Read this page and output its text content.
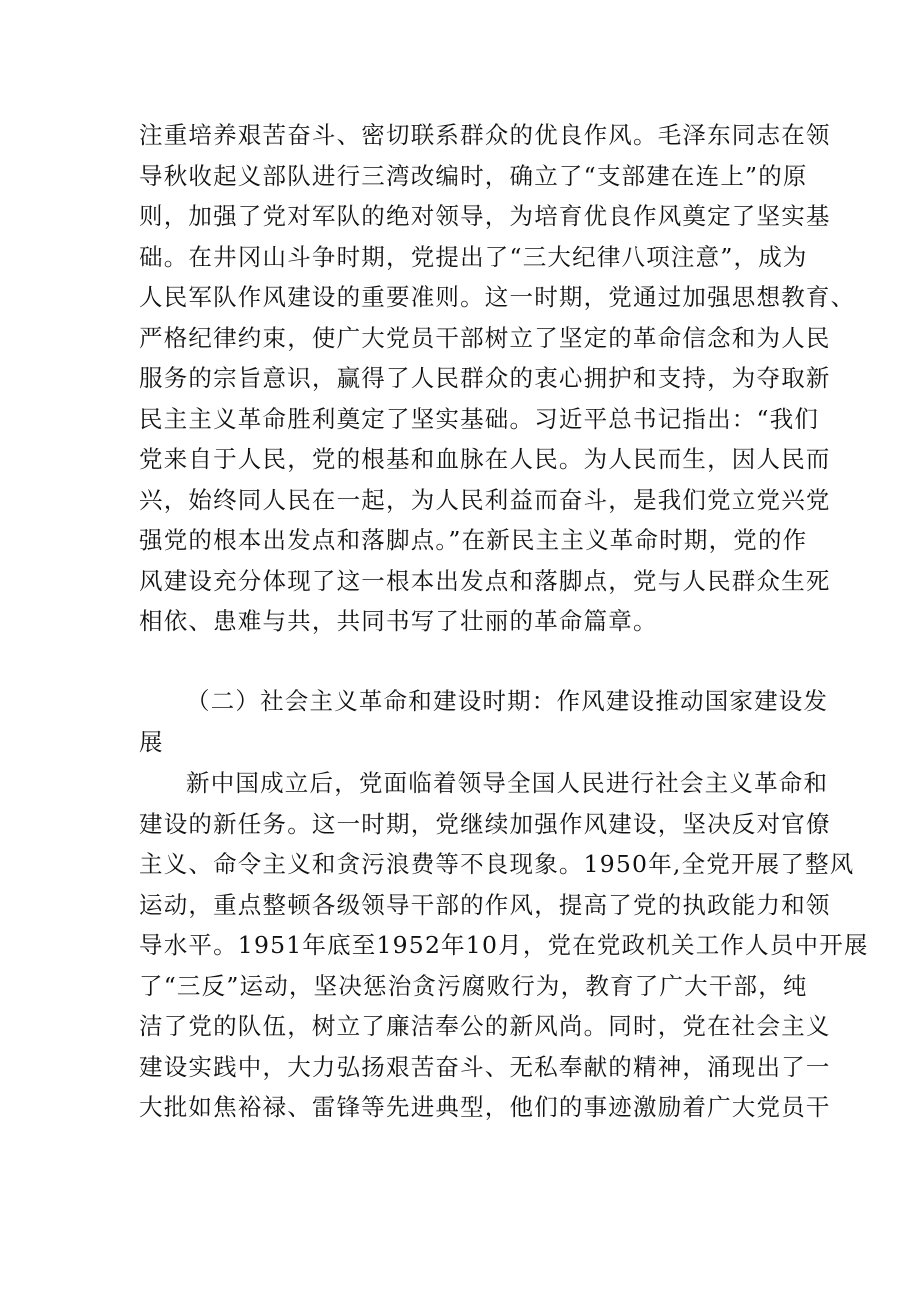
注重培养艰苦奋斗、密切联系群众的优良作风。毛泽东同志在领
导秋收起义部队进行三湾改编时，确立了“支部建在连上”的原
则，加强了党对军队的绝对领导，为培育优良作风奠定了坚实基
础。在井冈山斗争时期，党提出了“三大纪律八项注意”，成为
人民军队作风建设的重要准则。这一时期，党通过加强思想教育、
严格纪律约束，使广大党员干部树立了坚定的革命信念和为人民
服务的宗旨意识，赢得了人民群众的衷心拥护和支持，为夺取新
民主主义革命胜利奠定了坚实基础。习近平总书记指出：“我们
党来自于人民，党的根基和血脉在人民。为人民而生，因人民而
兴，始终同人民在一起，为人民利益而奋斗，是我们党立党兴党
强党的根本出发点和落脚点。”在新民主主义革命时期，党的作
风建设充分体现了这一根本出发点和落脚点，党与人民群众生死
相依、患难与共，共同书写了壮丽的革命篇章。
（二）社会主义革命和建设时期：作风建设推动国家建设发
展
新中国成立后，党面临着领导全国人民进行社会主义革命和
建设的新任务。这一时期，党继续加强作风建设，坚决反对官僚
主义、命令主义和贪污浪费等不良现象。1950年,全党开展了整风
运动，重点整顿各级领导干部的作风，提高了党的执政能力和领
导水平。1951年底至1952年10月，党在党政机关工作人员中开展
了“三反”运动，坚决惩治贪污腐败行为，教育了广大干部，纯
洁了党的队伍，树立了廉洁奉公的新风尚。同时，党在社会主义
建设实践中，大力弘扬艰苦奋斗、无私奉献的精神，涌现出了一
大批如焦裕禄、雷锋等先进典型，他们的事迹激励着广大党员干
